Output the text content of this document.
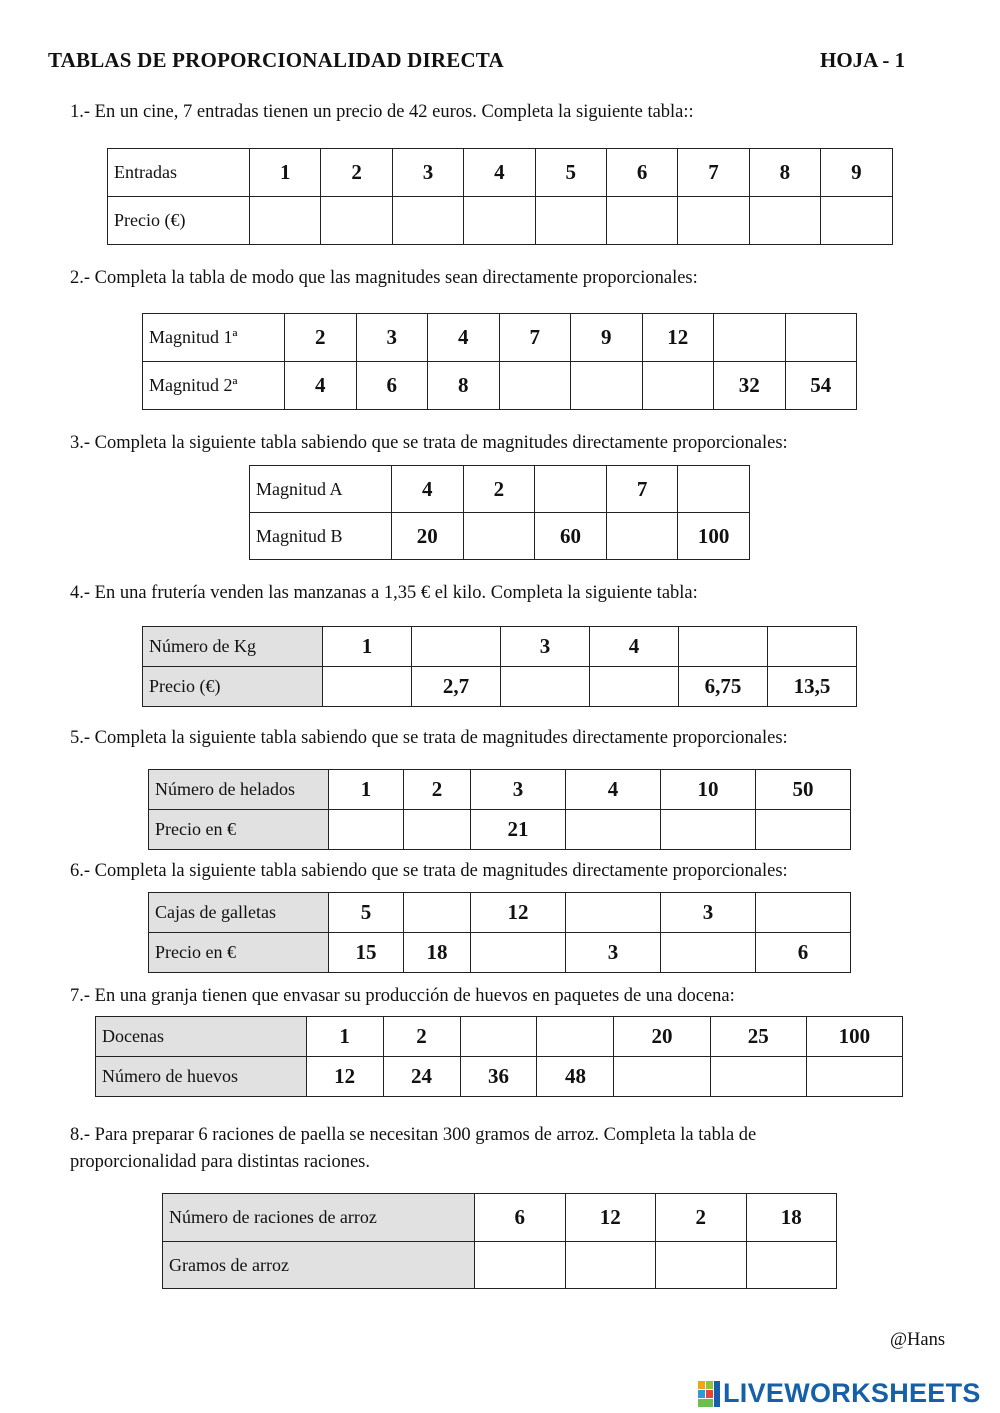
TABLAS DE PROPORCIONALIDAD DIRECTA	HOJA - 1
1.- En un cine, 7 entradas tienen un precio de 42 euros. Completa la siguiente tabla::
Entradas	1	2	3	4	5	6	7	8	9
Precio (€)									
2.- Completa la tabla de modo que las magnitudes sean directamente proporcionales:
Magnitud 1ª	2	3	4	7	9	12		
Magnitud 2ª	4	6	8				32	54
3.- Completa la siguiente tabla sabiendo que se trata de magnitudes directamente proporcionales:
Magnitud A	4	2		7	
Magnitud B	20		60		100
4.- En una frutería venden las manzanas a 1,35 € el kilo. Completa la siguiente tabla:
Número de Kg	1		3	4		
Precio (€)		2,7			6,75	13,5
5.- Completa la siguiente tabla sabiendo que se trata de magnitudes directamente proporcionales:
Número de helados	1	2	3	4	10	50
Precio en €			21			
6.- Completa la siguiente tabla sabiendo que se trata de magnitudes directamente proporcionales:
Cajas de galletas	5		12		3	
Precio en €	15	18		3		6
7.- En una granja tienen que envasar su producción de huevos en paquetes de una docena:
Docenas	1	2			20	25	100
Número de huevos	12	24	36	48			
8.- Para preparar 6 raciones de paella se necesitan 300 gramos de arroz. Completa la tabla de
proporcionalidad para distintas raciones.
Número de raciones de arroz	6	12	2	18
Gramos de arroz				
@Hans
LIVEWORKSHEETS
